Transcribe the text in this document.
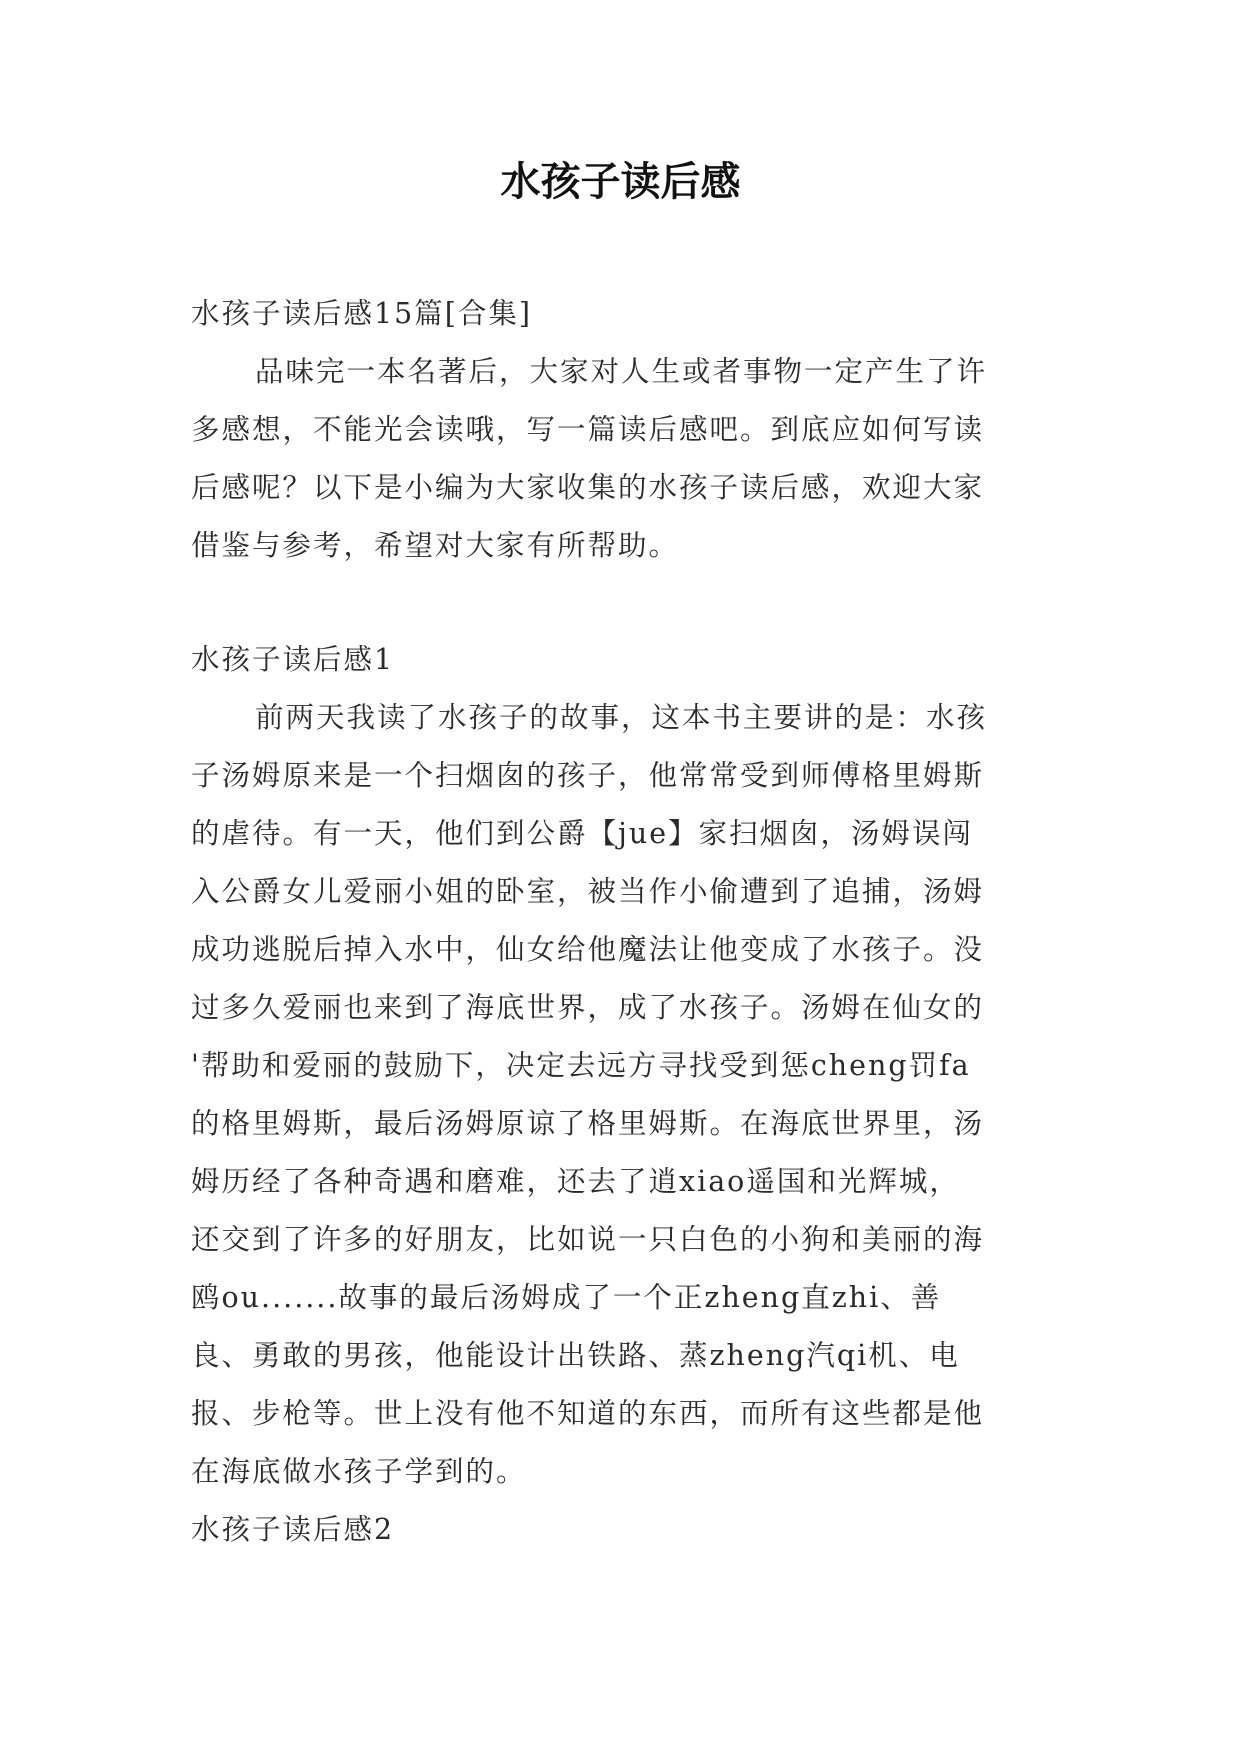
水孩子读后感
水孩子读后感15篇[合集]
品味完一本名著后，大家对人生或者事物一定产生了许
多感想，不能光会读哦，写一篇读后感吧。到底应如何写读
后感呢？以下是小编为大家收集的水孩子读后感，欢迎大家
借鉴与参考，希望对大家有所帮助。
水孩子读后感1
前两天我读了水孩子的故事，这本书主要讲的是：水孩
子汤姆原来是一个扫烟囱的孩子，他常常受到师傅格里姆斯
的虐待。有一天，他们到公爵【jue】家扫烟囱，汤姆误闯
入公爵女儿爱丽小姐的卧室，被当作小偷遭到了追捕，汤姆
成功逃脱后掉入水中，仙女给他魔法让他变成了水孩子。没
过多久爱丽也来到了海底世界，成了水孩子。汤姆在仙女的
'帮助和爱丽的鼓励下，决定去远方寻找受到惩cheng罚fa
的格里姆斯，最后汤姆原谅了格里姆斯。在海底世界里，汤
姆历经了各种奇遇和磨难，还去了逍xiao遥国和光辉城，
还交到了许多的好朋友，比如说一只白色的小狗和美丽的海
鸥ou.......故事的最后汤姆成了一个正zheng直zhi、善
良、勇敢的男孩，他能设计出铁路、蒸zheng汽qi机、电
报、步枪等。世上没有他不知道的东西，而所有这些都是他
在海底做水孩子学到的。
水孩子读后感2
